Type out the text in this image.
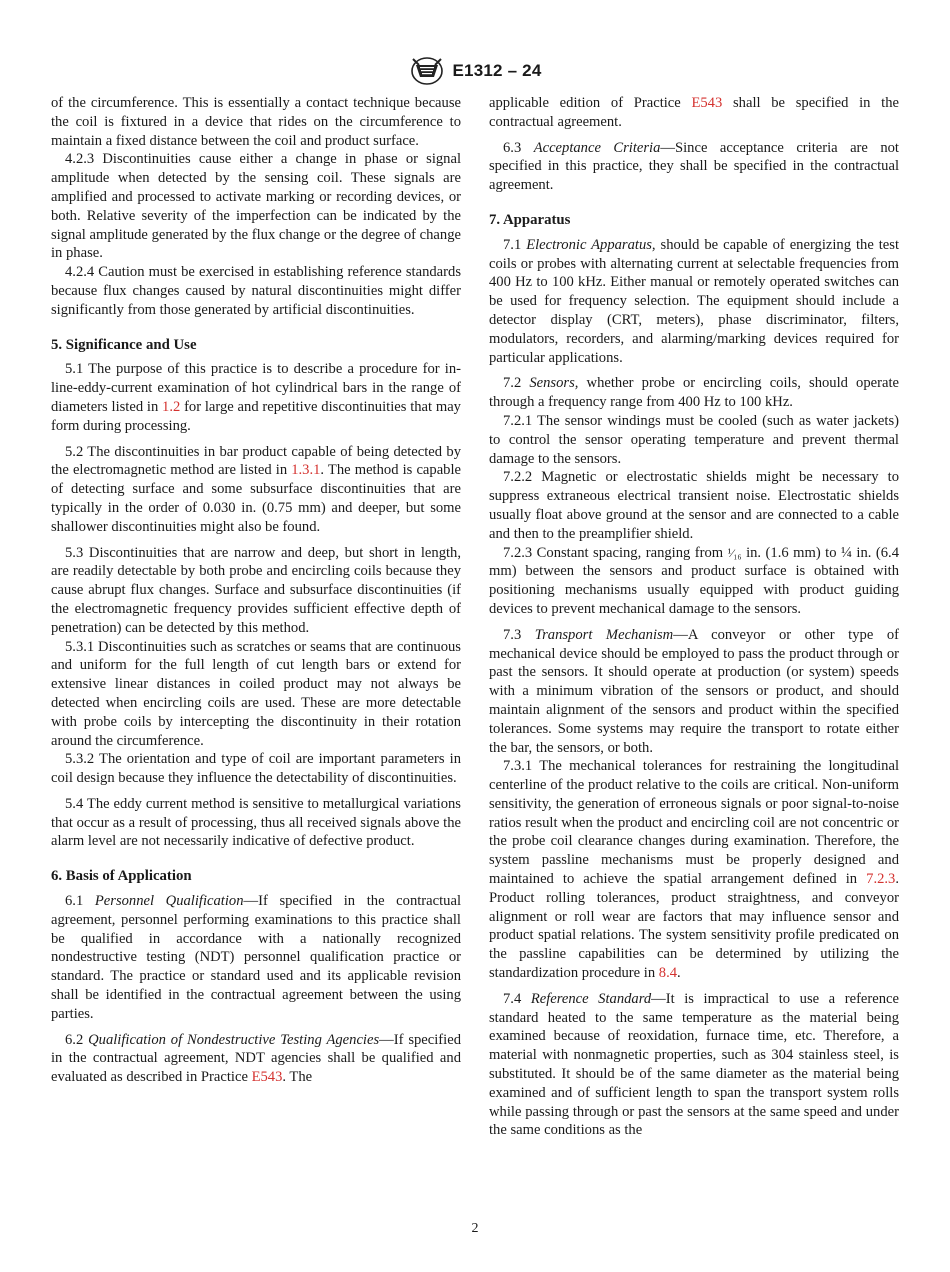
E1312 – 24

of the circumference. This is essentially a contact technique because the coil is fixtured in a device that rides on the circumference to maintain a fixed distance between the coil and product surface.

4.2.3 Discontinuities cause either a change in phase or signal amplitude when detected by the sensing coil. These signals are amplified and processed to activate marking or recording devices, or both. Relative severity of the imperfection can be indicated by the signal amplitude generated by the flux change or the degree of change in phase.

4.2.4 Caution must be exercised in establishing reference standards because flux changes caused by natural discontinuities might differ significantly from those generated by artificial discontinuities.

5. Significance and Use

5.1 The purpose of this practice is to describe a procedure for in-line-eddy-current examination of hot cylindrical bars in the range of diameters listed in 1.2 for large and repetitive discontinuities that may form during processing.

5.2 The discontinuities in bar product capable of being detected by the electromagnetic method are listed in 1.3.1. The method is capable of detecting surface and some subsurface discontinuities that are typically in the order of 0.030 in. (0.75 mm) and deeper, but some shallower discontinuities might also be found.

5.3 Discontinuities that are narrow and deep, but short in length, are readily detectable by both probe and encircling coils because they cause abrupt flux changes. Surface and subsurface discontinuities (if the electromagnetic frequency provides sufficient effective depth of penetration) can be detected by this method.

5.3.1 Discontinuities such as scratches or seams that are continuous and uniform for the full length of cut length bars or extend for extensive linear distances in coiled product may not always be detected when encircling coils are used. These are more detectable with probe coils by intercepting the discontinuity in their rotation around the circumference.

5.3.2 The orientation and type of coil are important parameters in coil design because they influence the detectability of discontinuities.

5.4 The eddy current method is sensitive to metallurgical variations that occur as a result of processing, thus all received signals above the alarm level are not necessarily indicative of defective product.

6. Basis of Application

6.1 Personnel Qualification—If specified in the contractual agreement, personnel performing examinations to this practice shall be qualified in accordance with a nationally recognized nondestructive testing (NDT) personnel qualification practice or standard. The practice or standard used and its applicable revision shall be identified in the contractual agreement between the using parties.

6.2 Qualification of Nondestructive Testing Agencies—If specified in the contractual agreement, NDT agencies shall be qualified and evaluated as described in Practice E543. The

applicable edition of Practice E543 shall be specified in the contractual agreement.

6.3 Acceptance Criteria—Since acceptance criteria are not specified in this practice, they shall be specified in the contractual agreement.

7. Apparatus

7.1 Electronic Apparatus, should be capable of energizing the test coils or probes with alternating current at selectable frequencies from 400 Hz to 100 kHz. Either manual or remotely operated switches can be used for frequency selection. The equipment should include a detector display (CRT, meters), phase discriminator, filters, modulators, recorders, and alarming/marking devices required for particular applications.

7.2 Sensors, whether probe or encircling coils, should operate through a frequency range from 400 Hz to 100 kHz.

7.2.1 The sensor windings must be cooled (such as water jackets) to control the sensor operating temperature and prevent thermal damage to the sensors.

7.2.2 Magnetic or electrostatic shields might be necessary to suppress extraneous electrical transient noise. Electrostatic shields usually float above ground at the sensor and are connected to a cable and then to the preamplifier shield.

7.2.3 Constant spacing, ranging from ¹⁄₁₆ in. (1.6 mm) to ¼ in. (6.4 mm) between the sensors and product surface is obtained with positioning mechanisms usually equipped with product guiding devices to prevent mechanical damage to the sensors.

7.3 Transport Mechanism—A conveyor or other type of mechanical device should be employed to pass the product through or past the sensors. It should operate at production (or system) speeds with a minimum vibration of the sensors or product, and should maintain alignment of the sensors and product within the specified tolerances. Some systems may require the transport to rotate either the bar, the sensors, or both.

7.3.1 The mechanical tolerances for restraining the longitudinal centerline of the product relative to the coils are critical. Non-uniform sensitivity, the generation of erroneous signals or poor signal-to-noise ratios result when the product and encircling coil are not concentric or the probe coil clearance changes during examination. Therefore, the system passline mechanisms must be properly designed and maintained to achieve the spatial arrangement defined in 7.2.3. Product rolling tolerances, product straightness, and conveyor alignment or roll wear are factors that may influence sensor and product spatial relations. The system sensitivity profile predicated on the passline capabilities can be determined by utilizing the standardization procedure in 8.4.

7.4 Reference Standard—It is impractical to use a reference standard heated to the same temperature as the material being examined because of reoxidation, furnace time, etc. Therefore, a material with nonmagnetic properties, such as 304 stainless steel, is substituted. It should be of the same diameter as the material being examined and of sufficient length to span the transport system rolls while passing through or past the sensors at the same speed and under the same conditions as the

2
